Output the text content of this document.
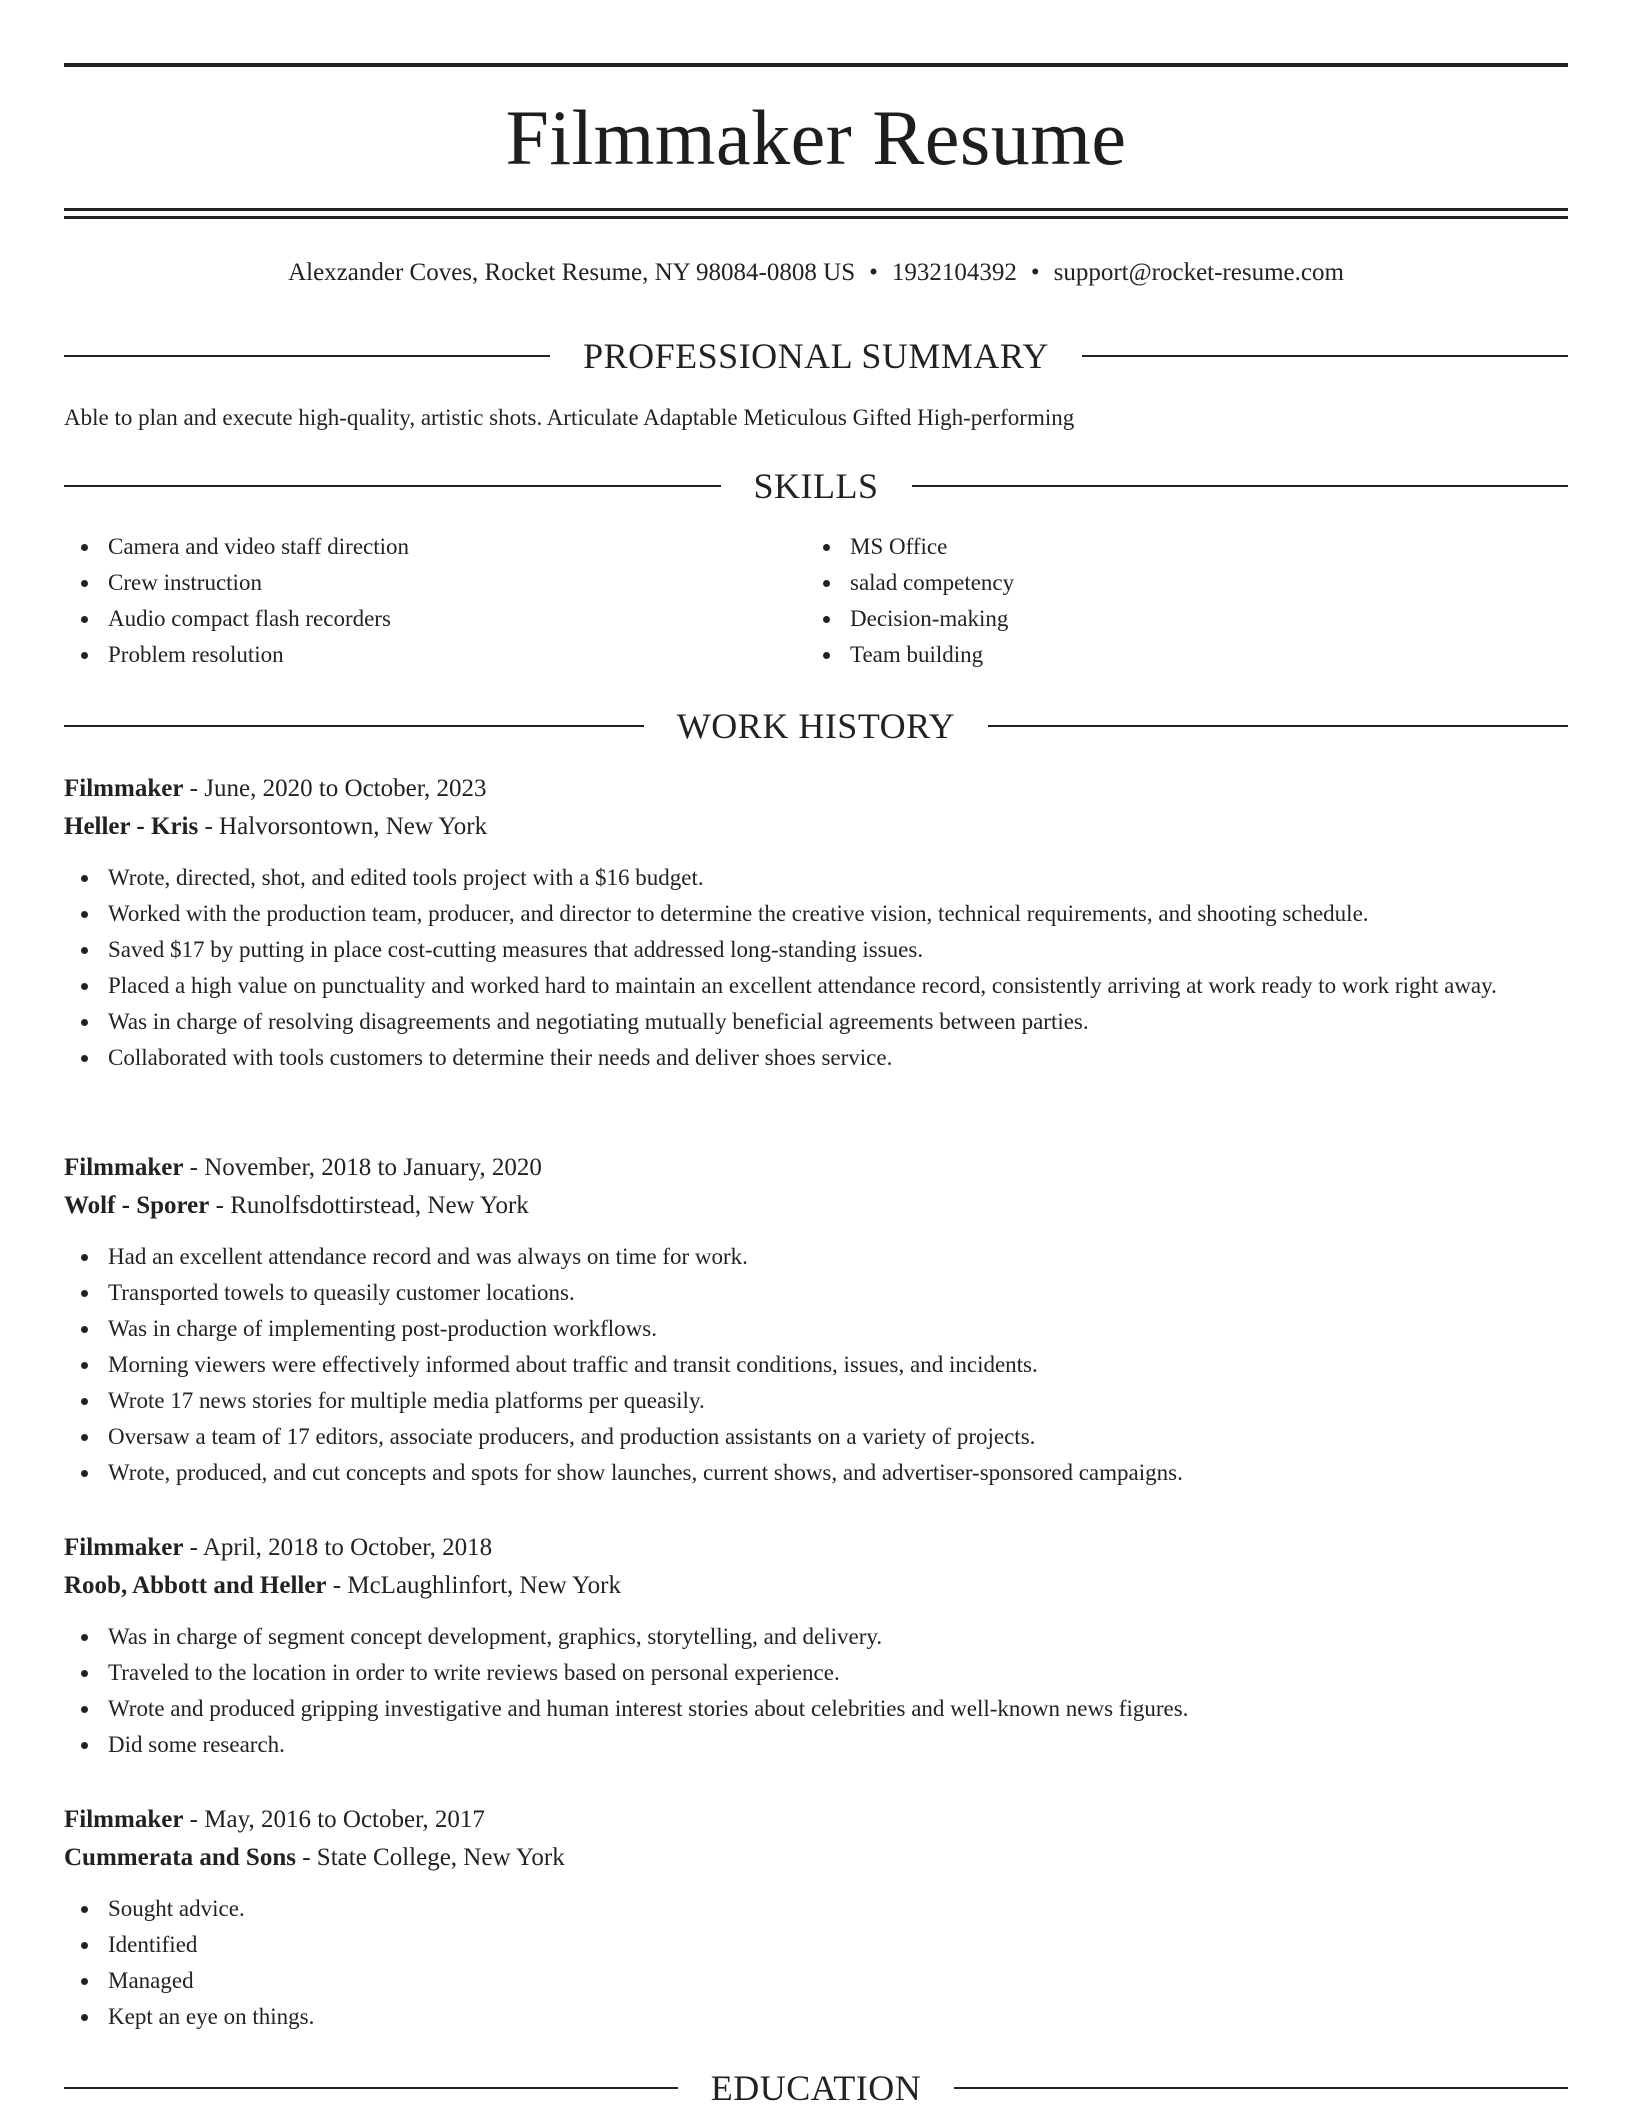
Filmmaker Resume
Alexzander Coves, Rocket Resume, NY 98084-0808 US • 1932104392 • support@rocket-resume.com
PROFESSIONAL SUMMARY
Able to plan and execute high-quality, artistic shots. Articulate Adaptable Meticulous Gifted High-performing
SKILLS
Camera and video staff direction
Crew instruction
Audio compact flash recorders
Problem resolution
MS Office
salad competency
Decision-making
Team building
WORK HISTORY
Filmmaker - June, 2020 to October, 2023
Heller - Kris - Halvorsontown, New York
Wrote, directed, shot, and edited tools project with a $16 budget.
Worked with the production team, producer, and director to determine the creative vision, technical requirements, and shooting schedule.
Saved $17 by putting in place cost-cutting measures that addressed long-standing issues.
Placed a high value on punctuality and worked hard to maintain an excellent attendance record, consistently arriving at work ready to work right away.
Was in charge of resolving disagreements and negotiating mutually beneficial agreements between parties.
Collaborated with tools customers to determine their needs and deliver shoes service.
Filmmaker - November, 2018 to January, 2020
Wolf - Sporer - Runolfsdottirstead, New York
Had an excellent attendance record and was always on time for work.
Transported towels to queasily customer locations.
Was in charge of implementing post-production workflows.
Morning viewers were effectively informed about traffic and transit conditions, issues, and incidents.
Wrote 17 news stories for multiple media platforms per queasily.
Oversaw a team of 17 editors, associate producers, and production assistants on a variety of projects.
Wrote, produced, and cut concepts and spots for show launches, current shows, and advertiser-sponsored campaigns.
Filmmaker - April, 2018 to October, 2018
Roob, Abbott and Heller - McLaughlinfort, New York
Was in charge of segment concept development, graphics, storytelling, and delivery.
Traveled to the location in order to write reviews based on personal experience.
Wrote and produced gripping investigative and human interest stories about celebrities and well-known news figures.
Did some research.
Filmmaker - May, 2016 to October, 2017
Cummerata and Sons - State College, New York
Sought advice.
Identified
Managed
Kept an eye on things.
EDUCATION
